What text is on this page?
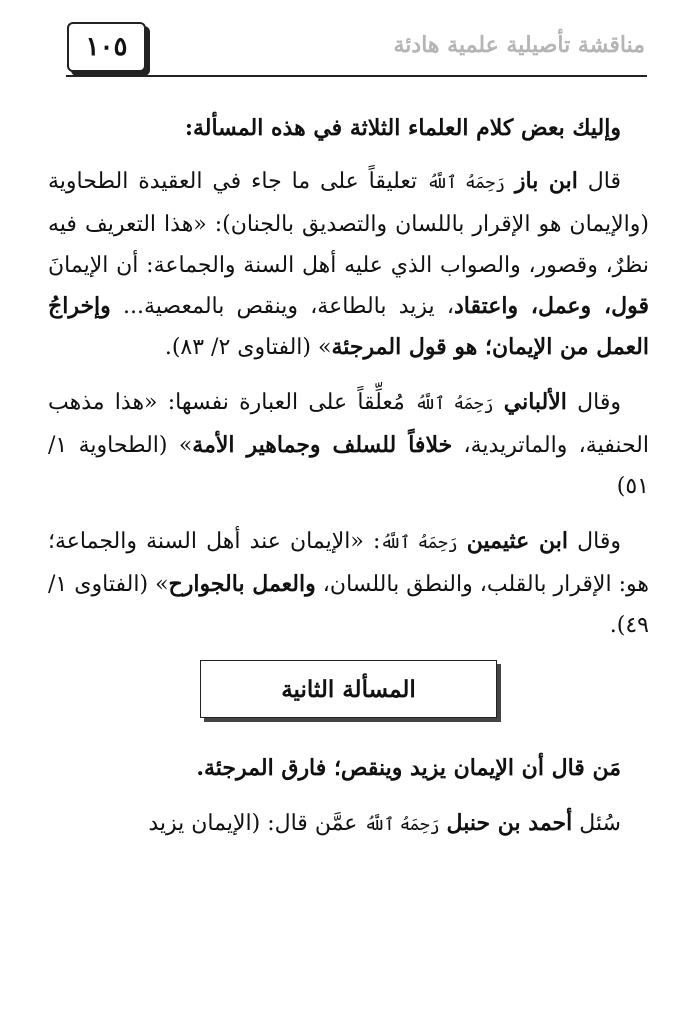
١٠٥	مناقشة تأصيلية علمية هادئة

وإليك بعض كلام العلماء الثلاثة في هذه المسألة:

قال ابن باز رَحِمَهُ ٱللَّهُ تعليقاً على ما جاء في العقيدة الطحاوية (والإيمان هو الإقرار باللسان والتصديق بالجنان): «هذا التعريف فيه نظرٌ، وقصور، والصواب الذي عليه أهل السنة والجماعة: أن الإيمانَ قول، وعمل، واعتقاد، يزيد بالطاعة، وينقص بالمعصية... وإخراجُ العمل من الإيمان؛ هو قول المرجئة» (الفتاوى ٢/ ٨٣).

وقال الألباني رَحِمَهُ ٱللَّهُ مُعلِّقاً على العبارة نفسها: «هذا مذهب الحنفية، والماتريدية، خلافاً للسلف وجماهير الأمة» (الطحاوية ١/ ٥١)

وقال ابن عثيمين رَحِمَهُ ٱللَّهُ: «الإيمان عند أهل السنة والجماعة؛ هو: الإقرار بالقلب، والنطق باللسان، والعمل بالجوارح» (الفتاوى ١/ ٤٩).

المسألة الثانية

مَن قال أن الإيمان يزيد وينقص؛ فارق المرجئة.

سُئل أحمد بن حنبل رَحِمَهُ ٱللَّهُ عمَّن قال: (الإيمان يزيد
